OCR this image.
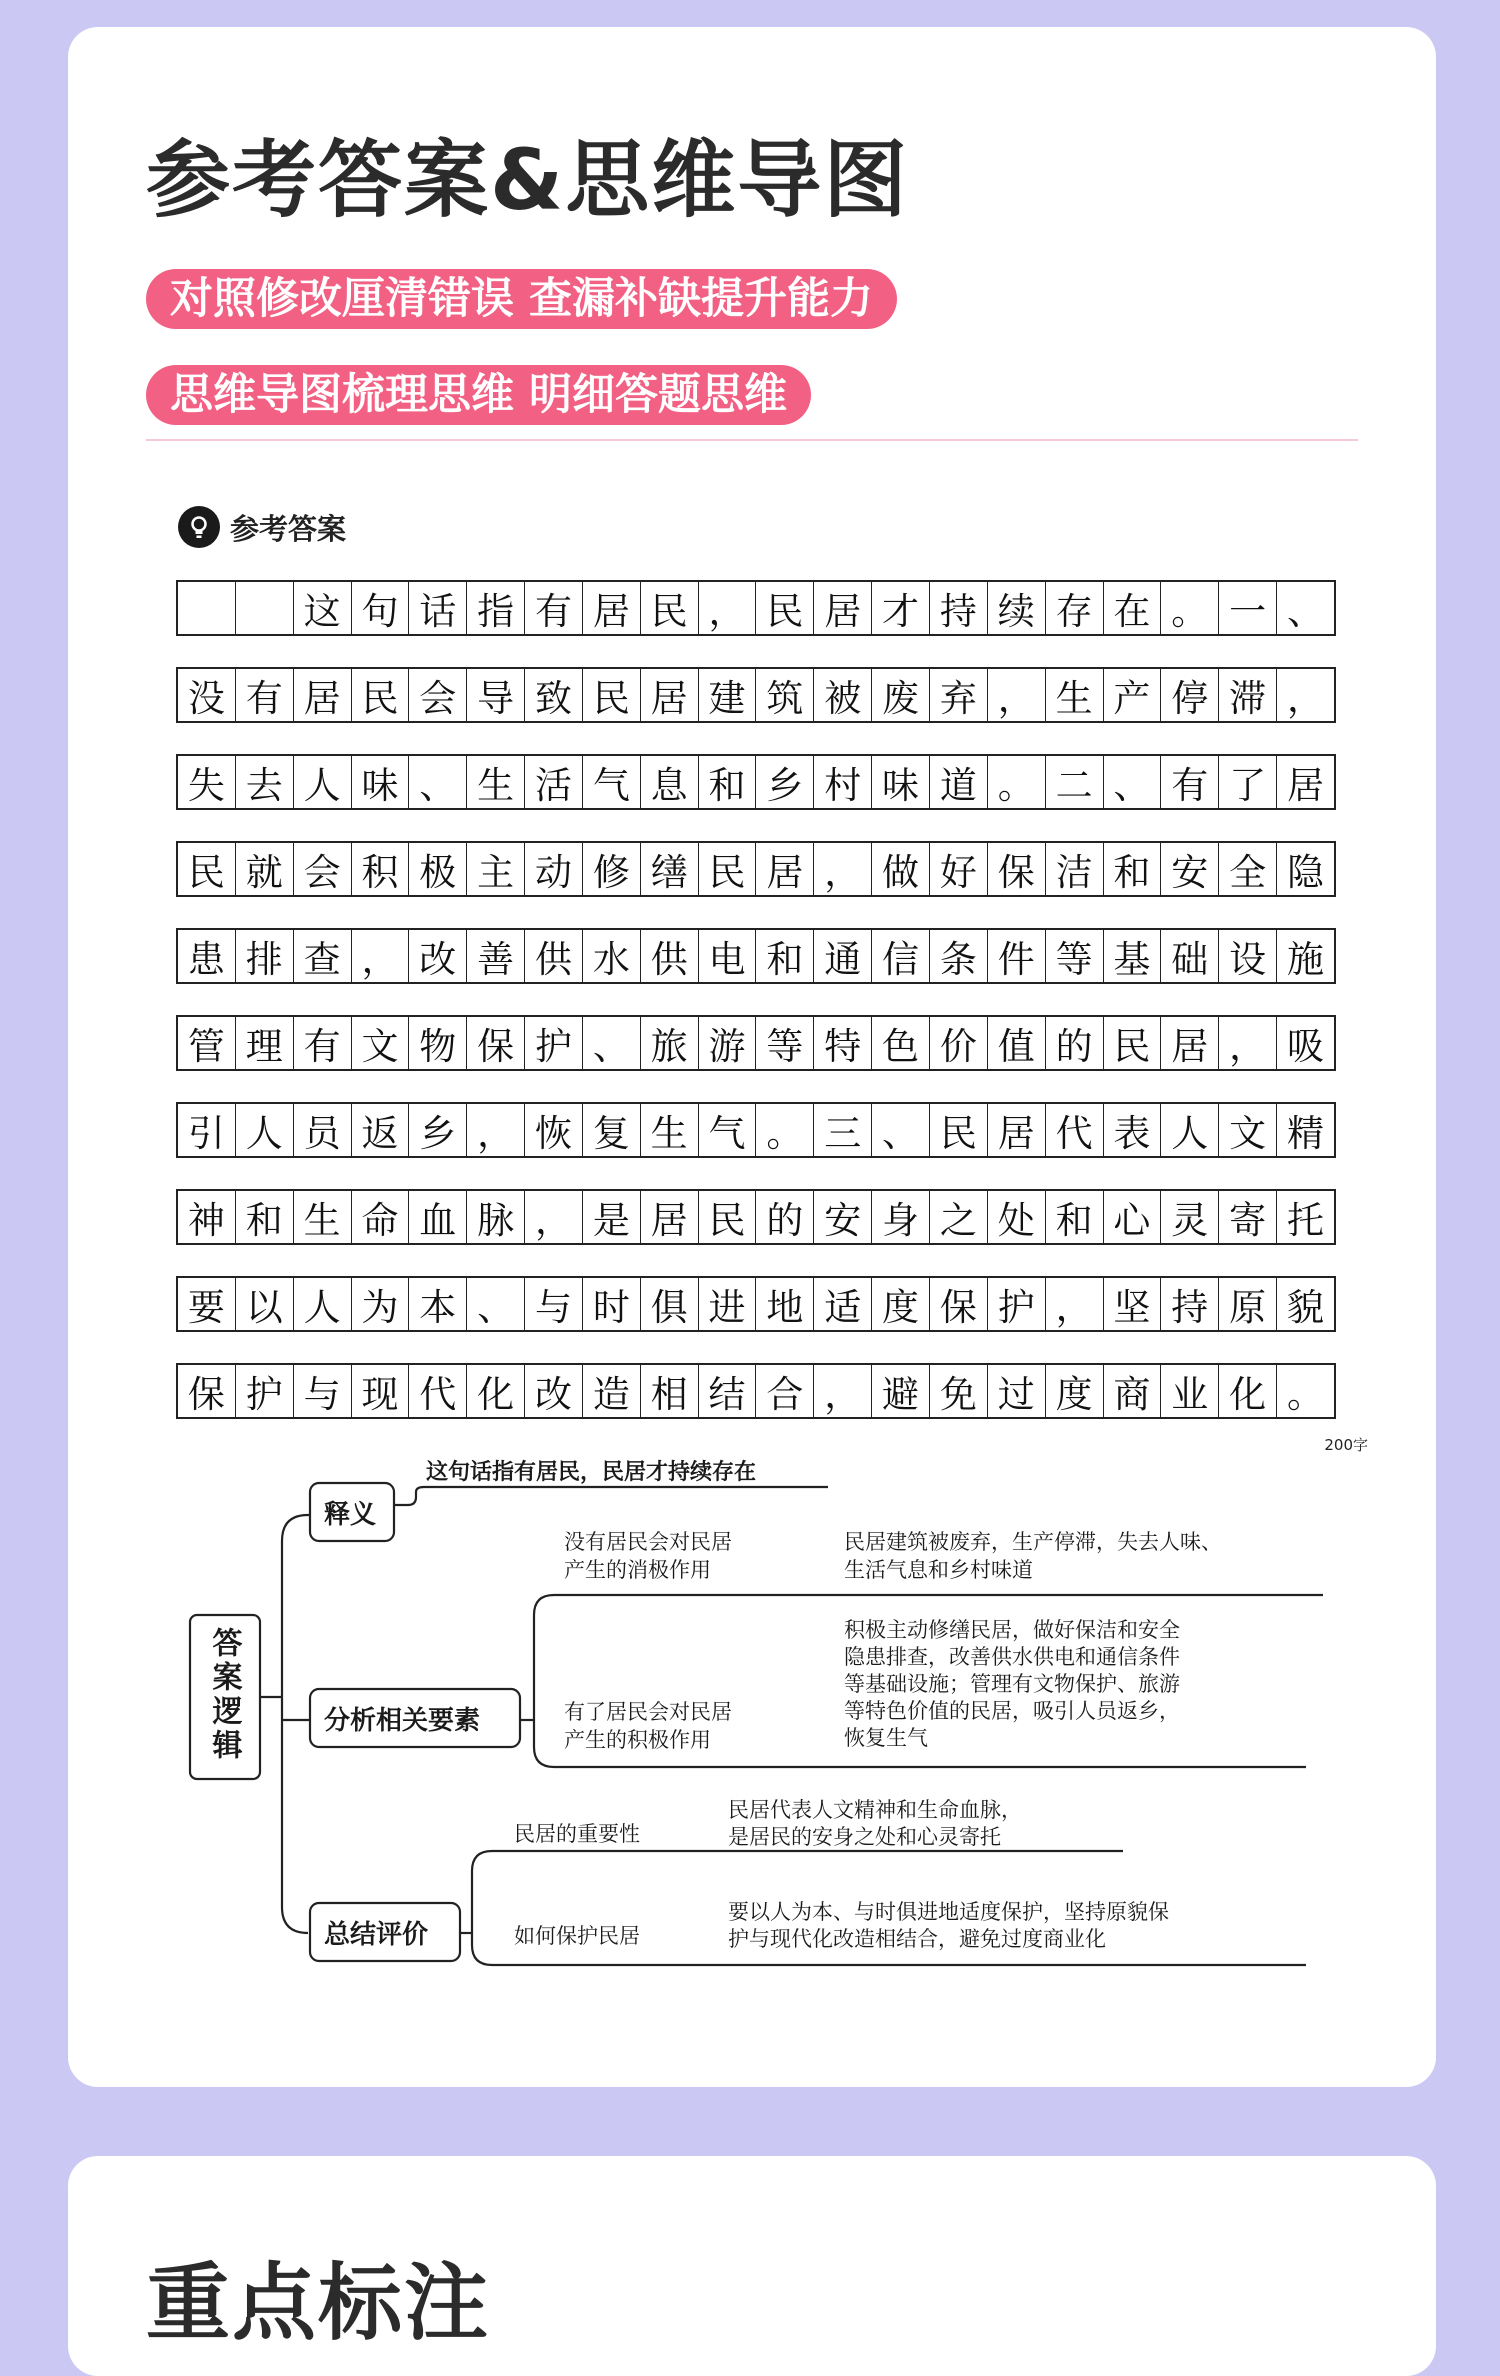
参考答案&思维导图
对照修改厘清错误 查漏补缺提升能力
思维导图梳理思维 明细答题思维
参考答案
这 句 话 指 有 居 民 ， 民 居 才 持 续 存 在 。 一 、
没 有 居 民 会 导 致 民 居 建 筑 被 废 弃 ， 生 产 停 滞 ，
失 去 人 味 、 生 活 气 息 和 乡 村 味 道 。 二 、 有 了 居
民 就 会 积 极 主 动 修 缮 民 居 ， 做 好 保 洁 和 安 全 隐
患 排 查 ， 改 善 供 水 供 电 和 通 信 条 件 等 基 础 设 施
管 理 有 文 物 保 护 、 旅 游 等 特 色 价 值 的 民 居 ， 吸
引 人 员 返 乡 ， 恢 复 生 气 。 三 、 民 居 代 表 人 文 精
神 和 生 命 血 脉 ， 是 居 民 的 安 身 之 处 和 心 灵 寄 托
要 以 人 为 本 、 与 时 俱 进 地 适 度 保 护 ， 坚 持 原 貌
保 护 与 现 代 化 改 造 相 结 合 ， 避 免 过 度 商 业 化 。
200字
答案逻辑
释义
分析相关要素
总结评价
这句话指有居民，民居才持续存在
没有居民会对民居
产生的消极作用
民居建筑被废弃，生产停滞，失去人味、
生活气息和乡村味道
有了居民会对民居
产生的积极作用
积极主动修缮民居，做好保洁和安全
隐患排查，改善供水供电和通信条件
等基础设施；管理有文物保护、旅游
等特色价值的民居，吸引人员返乡，
恢复生气
民居的重要性
民居代表人文精神和生命血脉，
是居民的安身之处和心灵寄托
如何保护民居
要以人为本、与时俱进地适度保护，坚持原貌保
护与现代化改造相结合，避免过度商业化
重点标注
